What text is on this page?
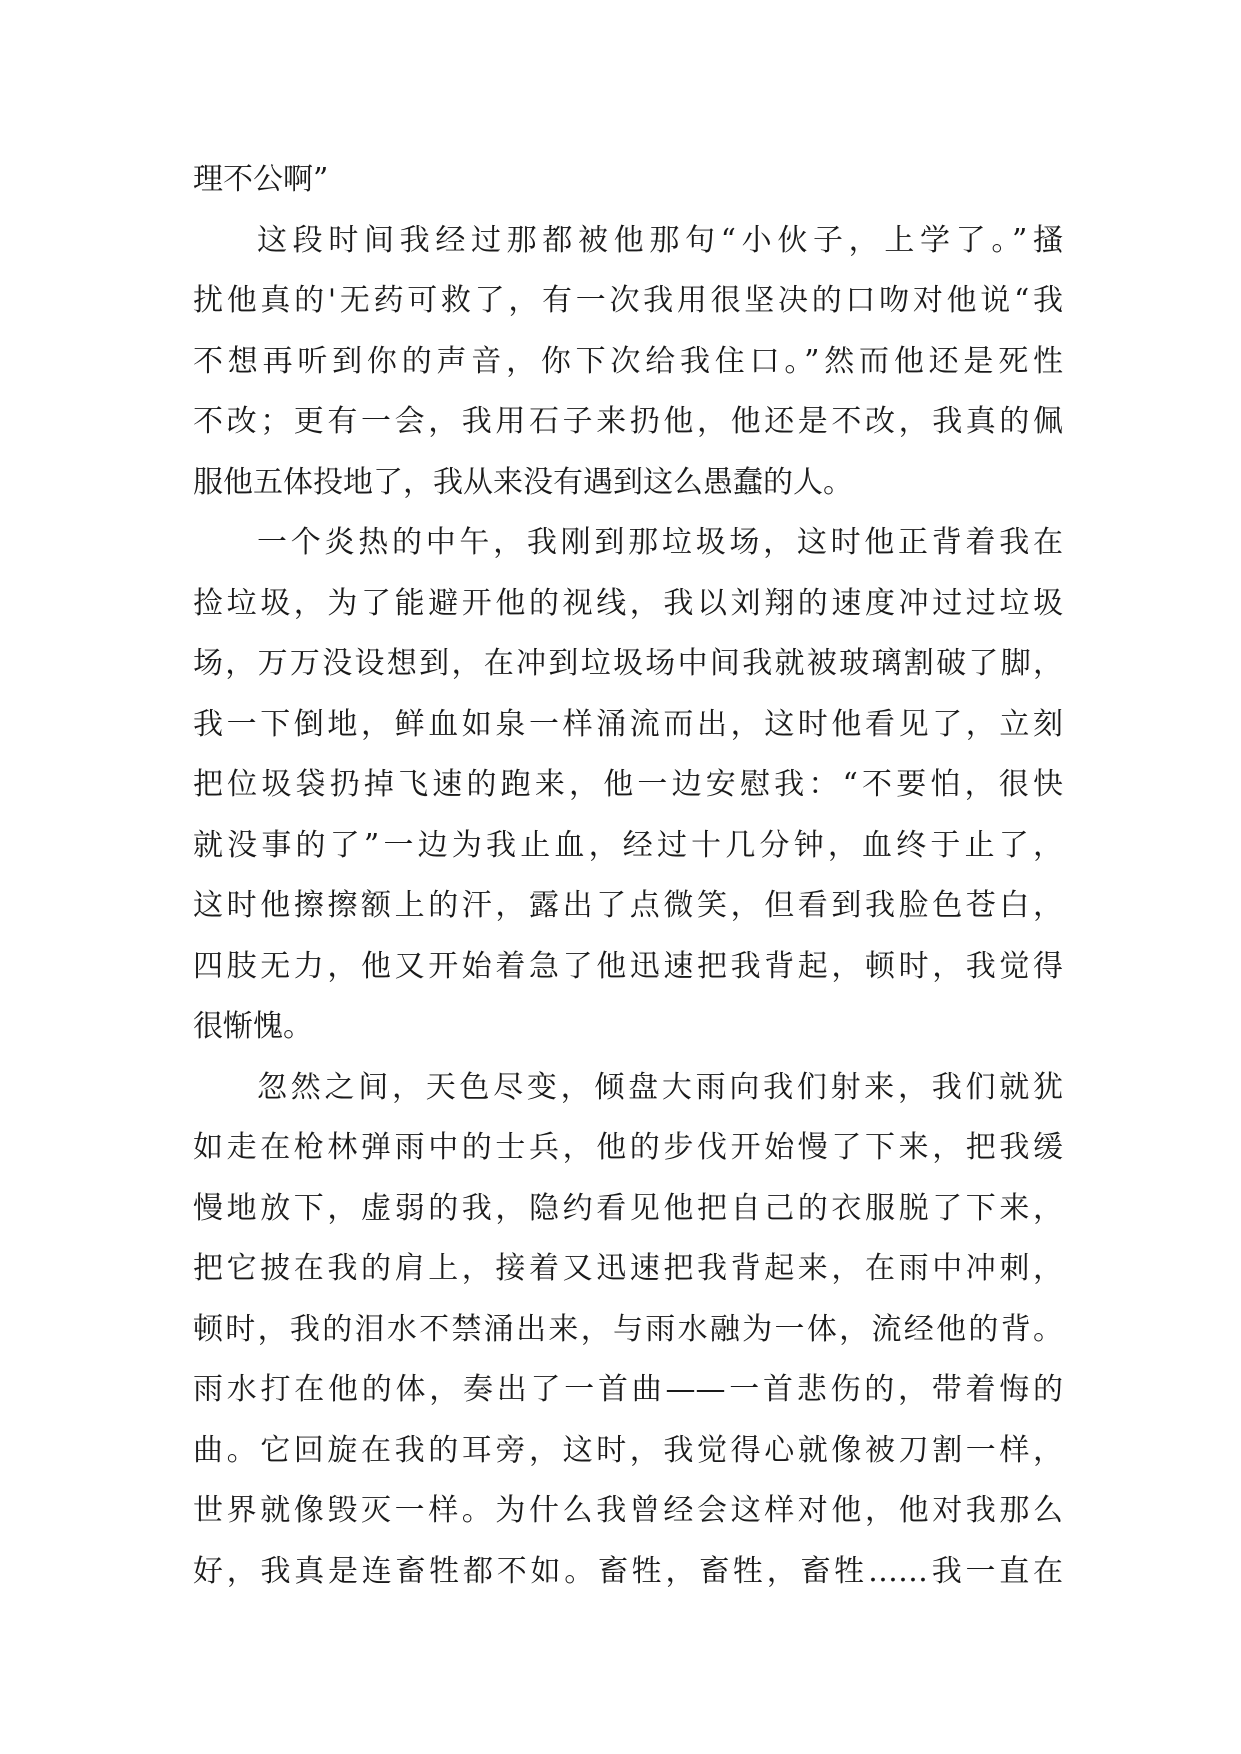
理不公啊”
这段时间我经过那都被他那句“小伙子，上学了。”搔
扰他真的'无药可救了，有一次我用很坚决的口吻对他说“我
不想再听到你的声音，你下次给我住口。”然而他还是死性
不改；更有一会，我用石子来扔他，他还是不改，我真的佩
服他五体投地了，我从来没有遇到这么愚蠢的人。
一个炎热的中午，我刚到那垃圾场，这时他正背着我在
捡垃圾，为了能避开他的视线，我以刘翔的速度冲过过垃圾
场，万万没设想到，在冲到垃圾场中间我就被玻璃割破了脚，
我一下倒地，鲜血如泉一样涌流而出，这时他看见了，立刻
把位圾袋扔掉飞速的跑来，他一边安慰我：“不要怕，很快
就没事的了”一边为我止血，经过十几分钟，血终于止了，
这时他擦擦额上的汗，露出了点微笑，但看到我脸色苍白，
四肢无力，他又开始着急了他迅速把我背起，顿时，我觉得
很惭愧。
忽然之间，天色尽变，倾盘大雨向我们射来，我们就犹
如走在枪林弹雨中的士兵，他的步伐开始慢了下来，把我缓
慢地放下，虚弱的我，隐约看见他把自己的衣服脱了下来，
把它披在我的肩上，接着又迅速把我背起来，在雨中冲刺，
顿时，我的泪水不禁涌出来，与雨水融为一体，流经他的背。
雨水打在他的体，奏出了一首曲——一首悲伤的，带着悔的
曲。它回旋在我的耳旁，这时，我觉得心就像被刀割一样，
世界就像毁灭一样。为什么我曾经会这样对他，他对我那么
好，我真是连畜牲都不如。畜牲，畜牲，畜牲……我一直在
